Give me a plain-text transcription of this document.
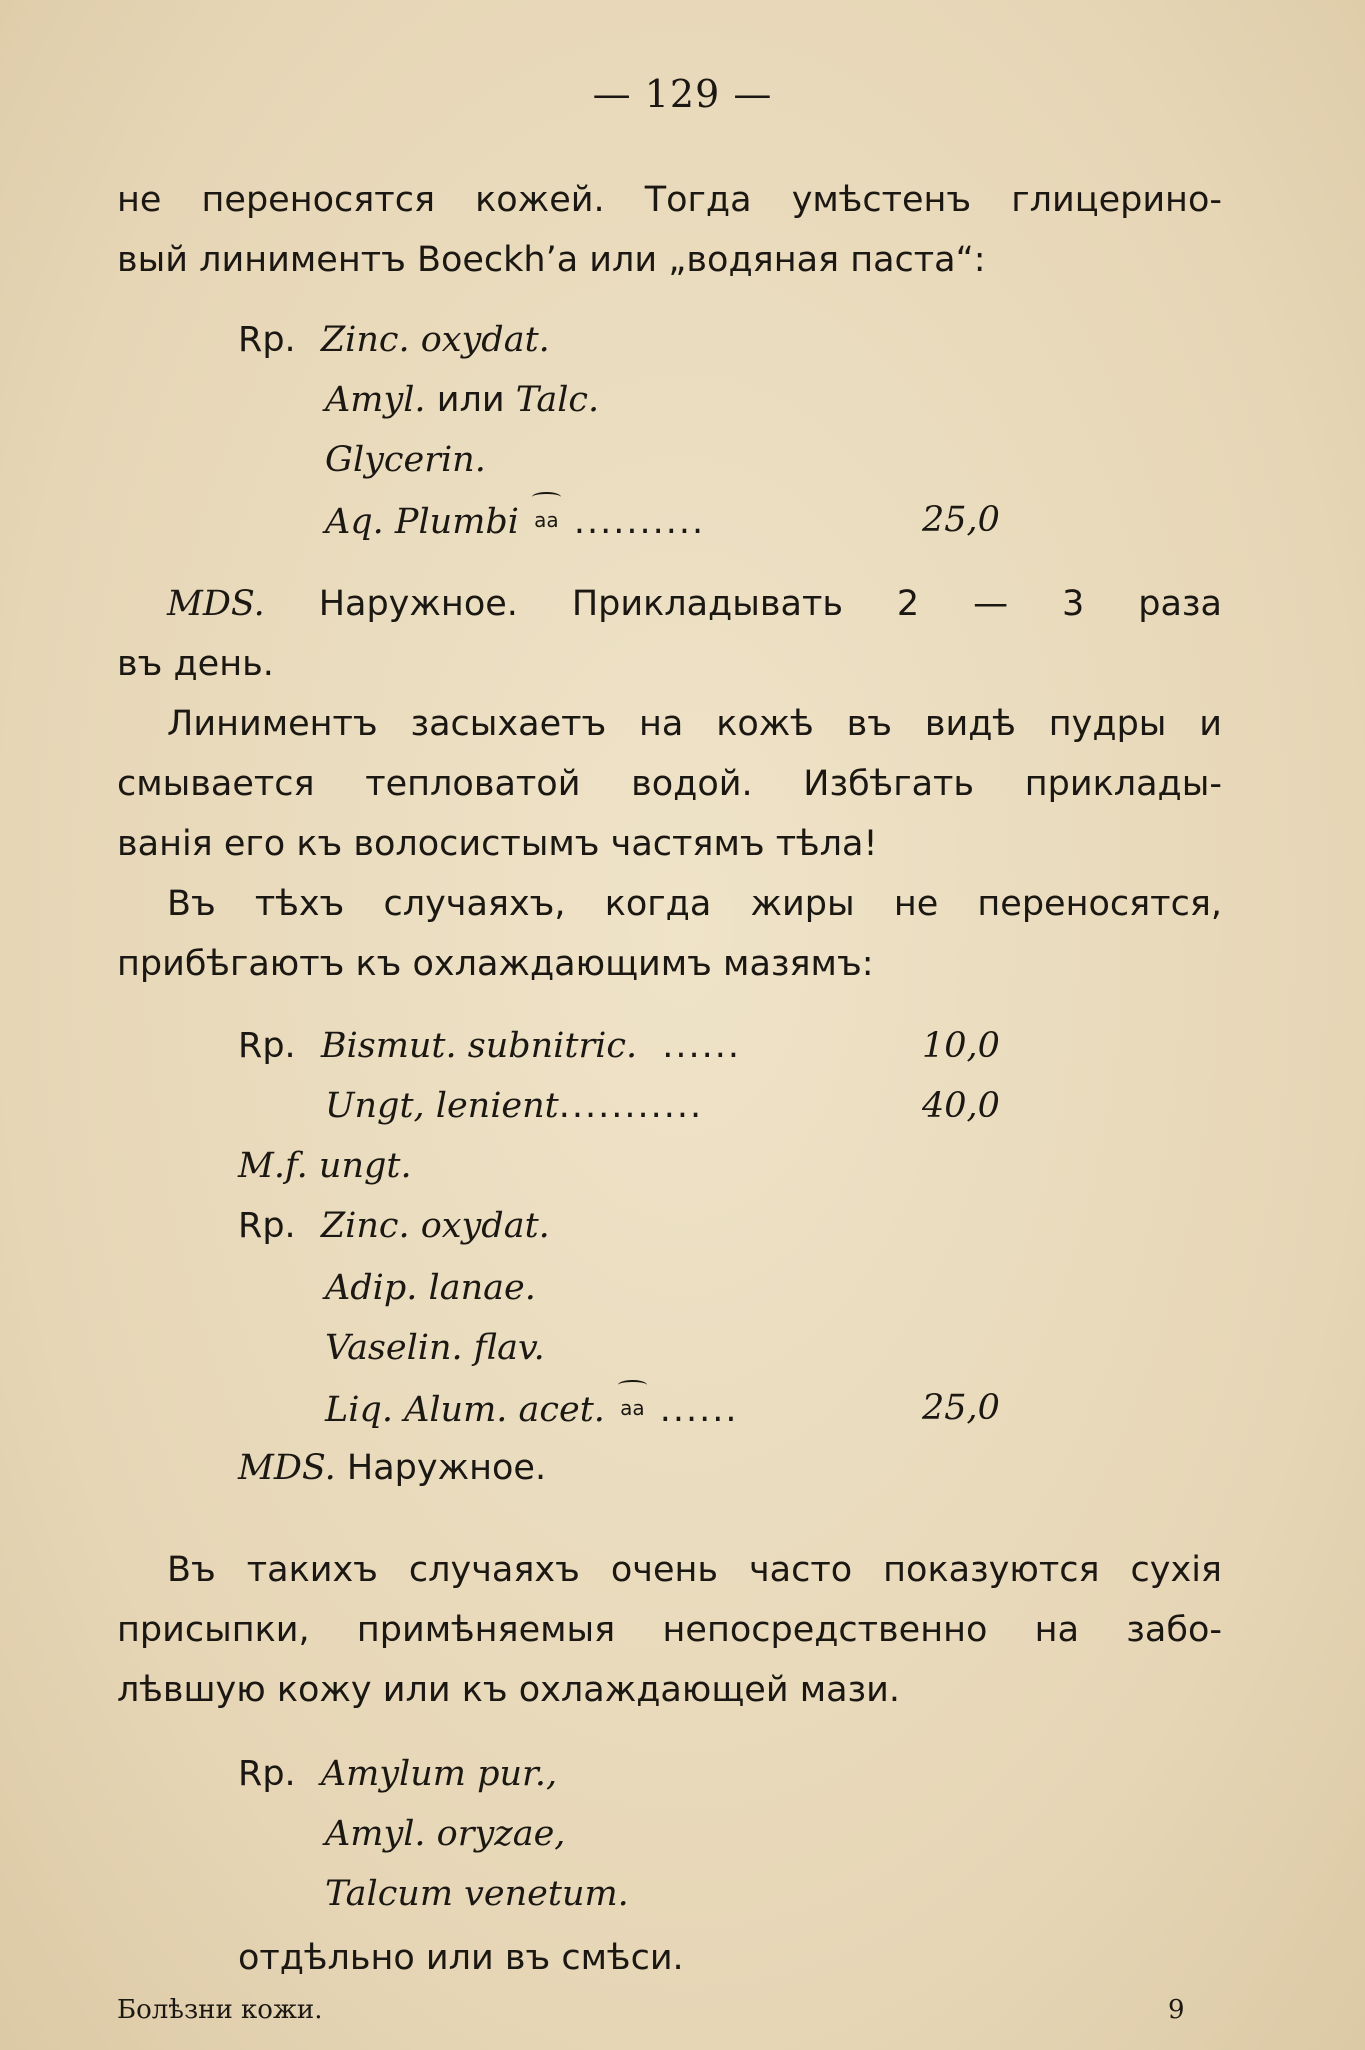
— 129 —
не переносятся кожей. Тогда умѣстенъ глицерино-
вый линиментъ Boeckh’a или „водяная паста“:
Rp. Zinc. oxydat.
Amyl. или Talc.
Glycerin.
Aq. Plumbi aa ..........	25,0
MDS. Наружное. Прикладывать 2 — 3 раза
въ день.
Линиментъ засыхаетъ на кожѣ въ видѣ пудры и
смывается тепловатой водой. Избѣгать приклады-
ванія его къ волосистымъ частямъ тѣла!
Въ тѣхъ случаяхъ, когда жиры не переносятся,
прибѣгаютъ къ охлаждающимъ мазямъ:
Rp. Bismut. subnitric. ......	10,0
Ungt, lenient...........	40,0
M.f. ungt.
Rp. Zinc. oxydat.
Adip. lanae.
Vaselin. flav.
Liq. Alum. acet. aa ......	25,0
MDS. Наружное.
Въ такихъ случаяхъ очень часто показуются сухія
присыпки, примѣняемыя непосредственно на забо-
лѣвшую кожу или къ охлаждающей мази.
Rp. Amylum pur.,
Amyl. oryzae,
Talcum venetum.
отдѣльно или въ смѣси.
Болѣзни кожи.	9
